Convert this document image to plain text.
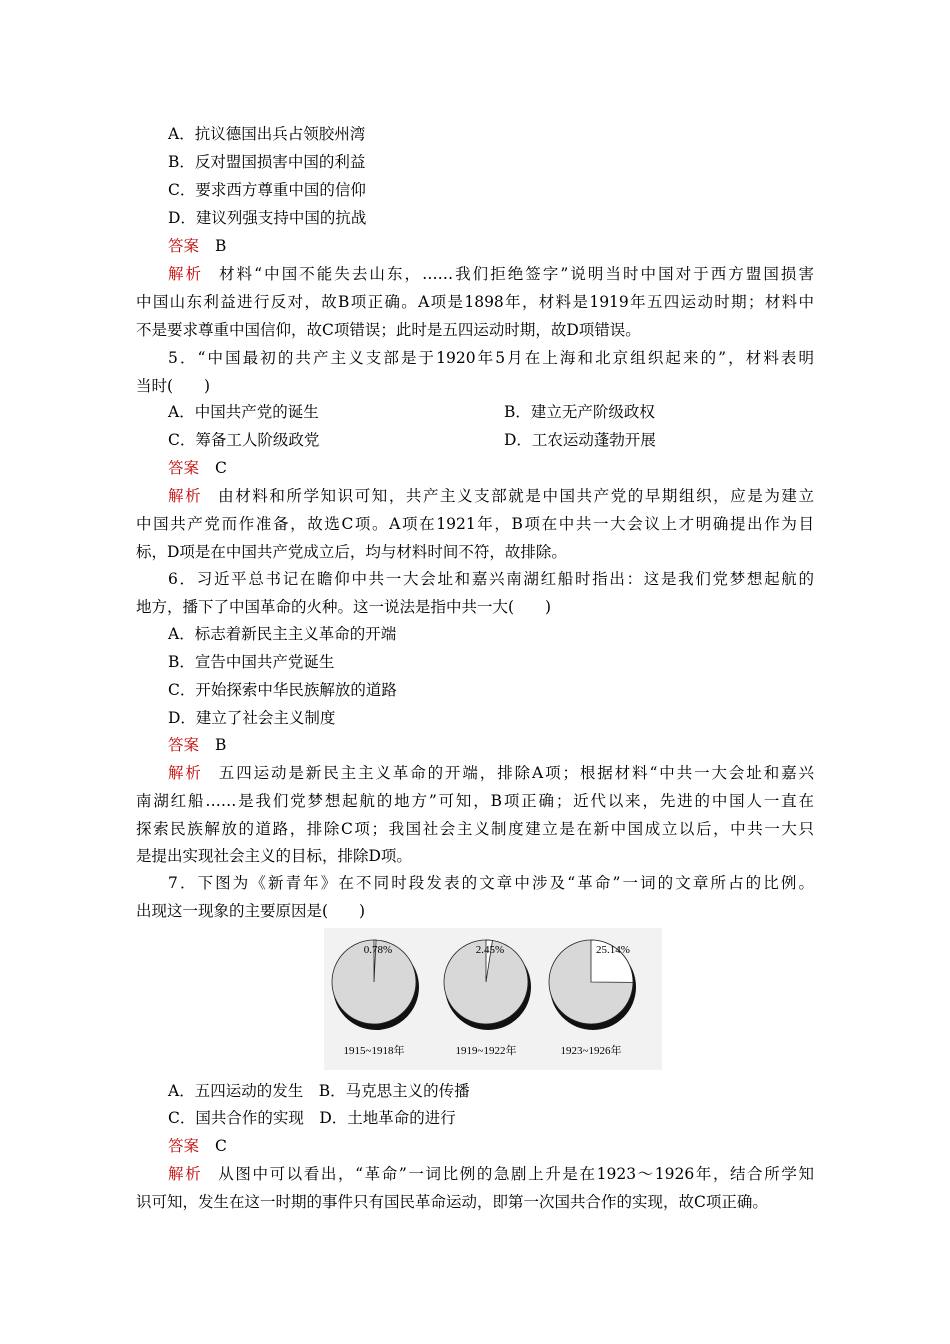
A．抗议德国出兵占领胶州湾
B．反对盟国损害中国的利益
C．要求西方尊重中国的信仰
D．建议列强支持中国的抗战
答案 B
解析 材料“中国不能失去山东，……我们拒绝签字”说明当时中国对于西方盟国损害
中国山东利益进行反对，故B项正确。A项是1898年，材料是1919年五四运动时期；材料中
不是要求尊重中国信仰，故C项错误；此时是五四运动时期，故D项错误。
5．“中国最初的共产主义支部是于1920年5月在上海和北京组织起来的”，材料表明
当时(　　)
A．中国共产党的诞生	B．建立无产阶级政权
C．筹备工人阶级政党	D．工农运动蓬勃开展
答案 C
解析 由材料和所学知识可知，共产主义支部就是中国共产党的早期组织，应是为建立
中国共产党而作准备，故选C项。A项在1921年，B项在中共一大会议上才明确提出作为目
标，D项是在中国共产党成立后，均与材料时间不符，故排除。
6．习近平总书记在瞻仰中共一大会址和嘉兴南湖红船时指出：这是我们党梦想起航的
地方，播下了中国革命的火种。这一说法是指中共一大(　　)
A．标志着新民主主义革命的开端
B．宣告中国共产党诞生
C．开始探索中华民族解放的道路
D．建立了社会主义制度
答案 B
解析 五四运动是新民主主义革命的开端，排除A项；根据材料“中共一大会址和嘉兴
南湖红船……是我们党梦想起航的地方”可知，B项正确；近代以来，先进的中国人一直在
探索民族解放的道路，排除C项；我国社会主义制度建立是在新中国成立以后，中共一大只
是提出实现社会主义的目标，排除D项。
7．下图为《新青年》在不同时段发表的文章中涉及“革命”一词的文章所占的比例。
出现这一现象的主要原因是(　　)
0.78%
1915~1918年
2.45%
1919~1922年
25.14%
1923~1926年
A．五四运动的发生　B．马克思主义的传播
C．国共合作的实现　D．土地革命的进行
答案 C
解析 从图中可以看出，“革命”一词比例的急剧上升是在1923～1926年，结合所学知
识可知，发生在这一时期的事件只有国民革命运动，即第一次国共合作的实现，故C项正确。
